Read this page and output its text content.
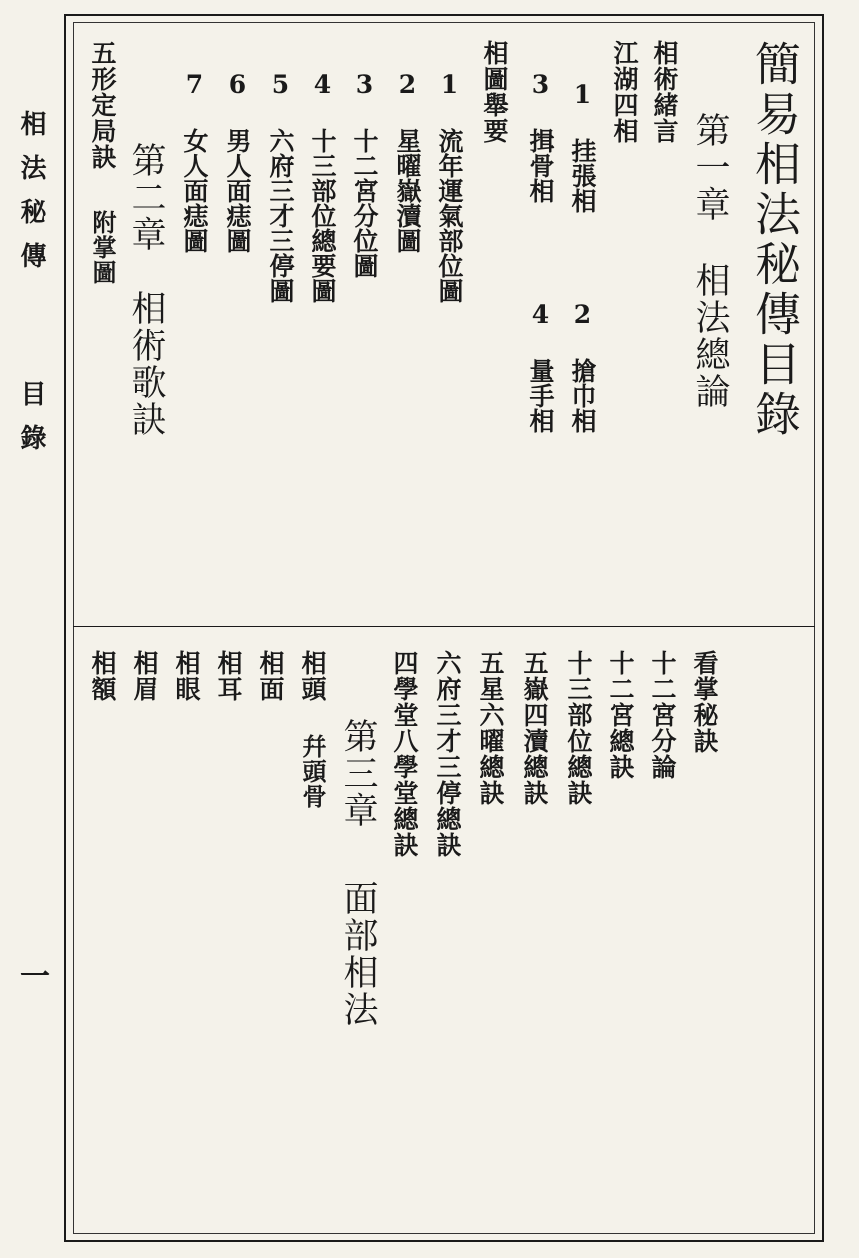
相法秘傳
目錄
一
簡易相法秘傳目錄
第一章
相法總論
相術緒言
江湖四相
1 挂張相
2 搶巾相
3 揖骨相
4 量手相
相圖舉要
1 流年運氣部位圖
2 星曜嶽瀆圖
3 十二宮分位圖
4 十三部位總要圖
5 六府三才三停圖
6 男人面痣圖
7 女人面痣圖
第二章
相術歌訣
五形定局訣
附掌圖
看掌秘訣
十二宮分論
十二宮總訣
十三部位總訣
五嶽四瀆總訣
五星六曜總訣
六府三才三停總訣
四學堂八學堂總訣
第三章
面部相法
相頭
幷頭骨
相面
相耳
相眼
相眉
相額
